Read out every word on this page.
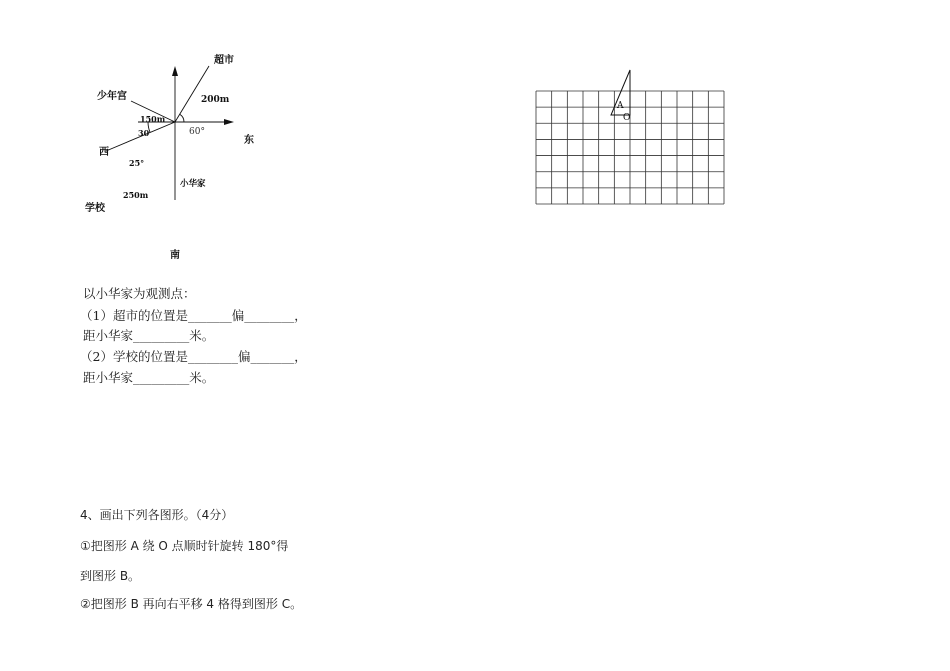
超市
200m
少年宫
150m
30	60°
西
25°
250m
学校
小华家
东
南
以小华家为观测点：
（1）超市的位置是_______偏________，
距小华家_________米。
（2）学校的位置是________偏_______，
距小华家_________米。
4、画出下列各图形。（4分）
①把图形 A 绕 O 点顺时针旋转 180°得
到图形 B。
②把图形 B 再向右平移 4 格得到图形 C。
A
O
